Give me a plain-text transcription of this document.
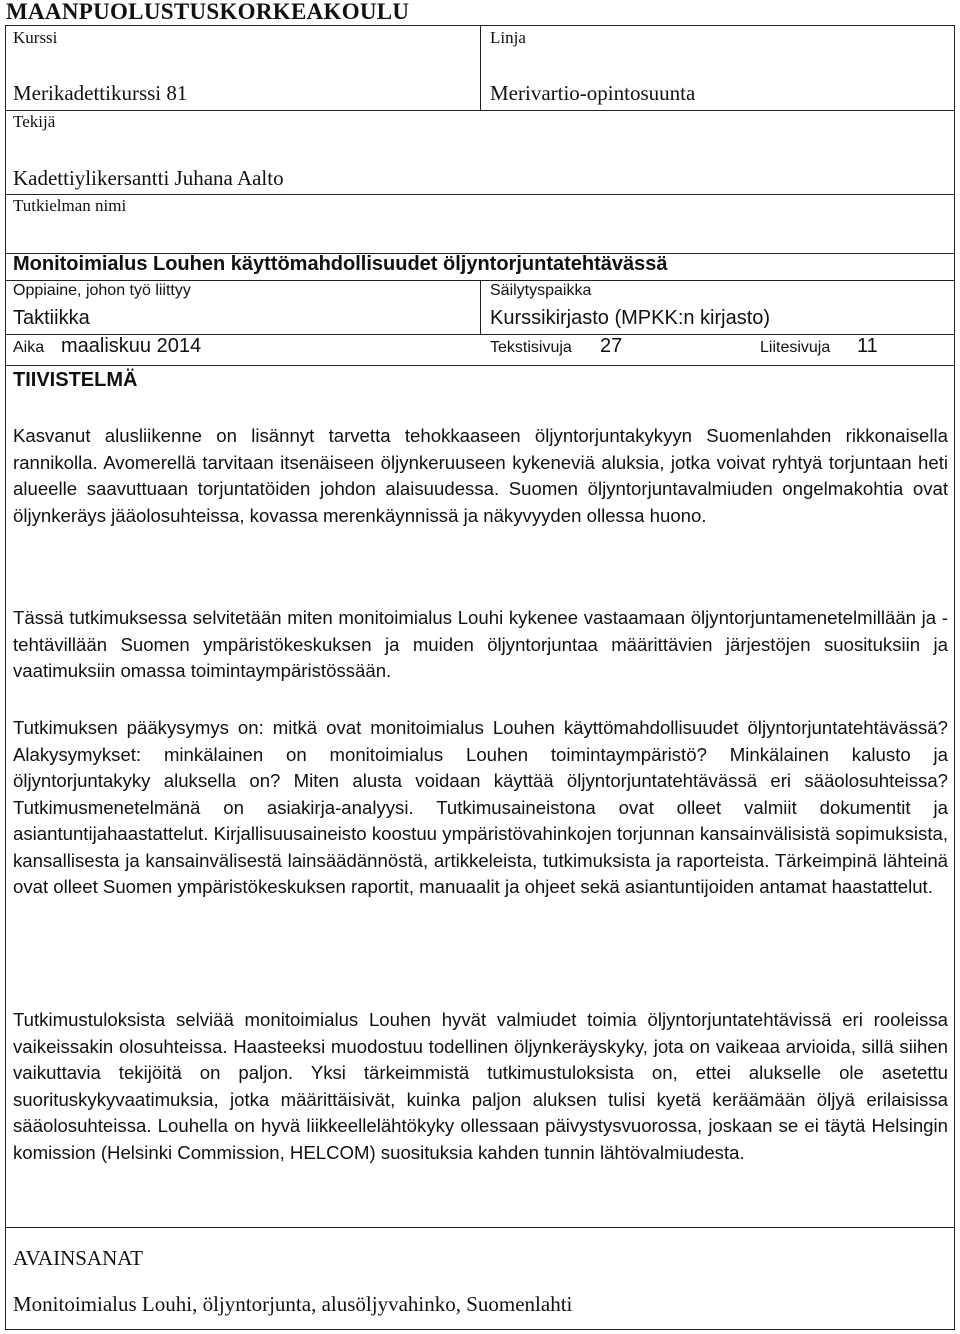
MAANPUOLUSTUSKORKEAKOULU
Kurssi
Merikadettikurssi 81
Linja
Merivartio-opintosuunta
Tekijä
Kadettiylikersantti Juhana Aalto
Tutkielman nimi
Monitoimialus Louhen käyttömahdollisuudet öljyntorjuntatehtävässä
Oppiaine, johon työ liittyy
Taktiikka
Säilytyspaikka
Kurssikirjasto (MPKK:n kirjasto)
Aika maaliskuu 2014	Tekstisivuja 27	Liitesivuja 11
TIIVISTELMÄ

Kasvanut alusliikenne on lisännyt tarvetta tehokkaaseen öljyntorjuntakykyyn Suomenlahden rikkonaisella rannikolla. Avomerellä tarvitaan itsenäiseen öljynkeruuseen kykeneviä aluksia, jotka voivat ryhtyä torjuntaan heti alueelle saavuttuaan torjuntatöiden johdon alaisuudessa. Suomen öljyntorjuntavalmiuden ongelmakohtia ovat öljynkeräys jääolosuhteissa, kovassa merenkäynnissä ja näkyvyyden ollessa huono.

Tässä tutkimuksessa selvitetään miten monitoimialus Louhi kykenee vastaamaan öljyntorjuntamenetelmillään ja -tehtävillään Suomen ympäristökeskuksen ja muiden öljyntorjuntaa määrittävien järjestöjen suosituksiin ja vaatimuksiin omassa toimintaympäristössään.

Tutkimuksen pääkysymys on: mitkä ovat monitoimialus Louhen käyttömahdollisuudet öljyntorjuntatehtävässä? Alakysymykset: minkälainen on monitoimialus Louhen toimintaympäristö? Minkälainen kalusto ja öljyntorjuntakyky aluksella on? Miten alusta voidaan käyttää öljyntorjuntatehtävässä eri sääolosuhteissa? Tutkimusmenetelmänä on asiakirja-analyysi. Tutkimusaineistona ovat olleet valmiit dokumentit ja asiantuntijahaastattelut. Kirjallisuusaineisto koostuu ympäristövahinkojen torjunnan kansainvälisistä sopimuksista, kansallisesta ja kansainvälisestä lainsäädännöstä, artikkeleista, tutkimuksista ja raporteista. Tärkeimpinä lähteinä ovat olleet Suomen ympäristökeskuksen raportit, manuaalit ja ohjeet sekä asiantuntijoiden antamat haastattelut.

Tutkimustuloksista selviää monitoimialus Louhen hyvät valmiudet toimia öljyntorjuntatehtävissä eri rooleissa vaikeissakin olosuhteissa. Haasteeksi muodostuu todellinen öljynkeräyskyky, jota on vaikeaa arvioida, sillä siihen vaikuttavia tekijöitä on paljon. Yksi tärkeimmistä tutkimustuloksista on, ettei alukselle ole asetettu suorituskykyvaatimuksia, jotka määrittäisivät, kuinka paljon aluksen tulisi kyetä keräämään öljyä erilaisissa sääolosuhteissa. Louhella on hyvä liikkeellelähtökyky ollessaan päivystysvuorossa, joskaan se ei täytä Helsingin komission (Helsinki Commission, HELCOM) suosituksia kahden tunnin lähtövalmiudesta.

AVAINSANAT
Monitoimialus Louhi, öljyntorjunta, alusöljyvahinko, Suomenlahti
